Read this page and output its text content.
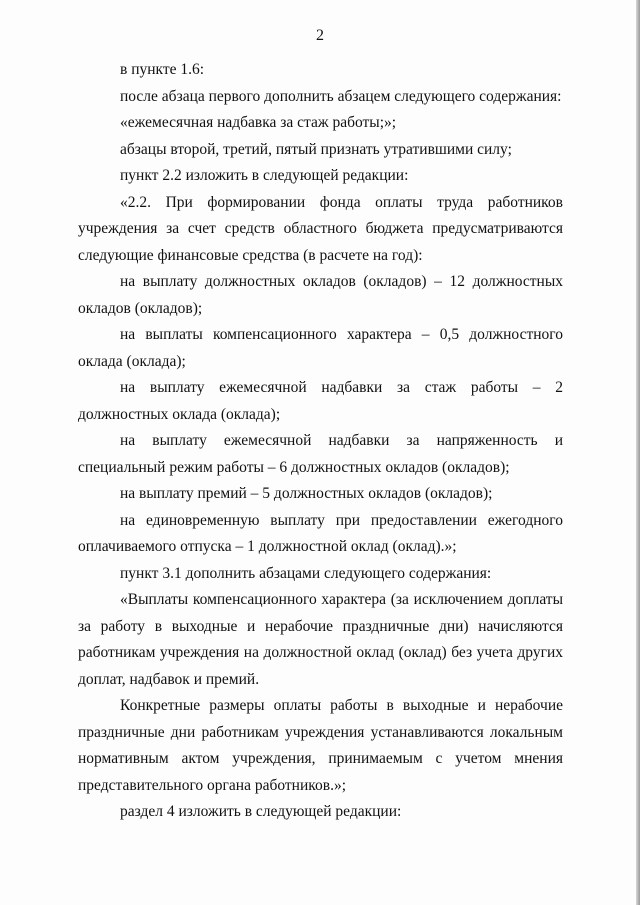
2

в пункте 1.6:

после абзаца первого дополнить абзацем следующего содержания:

«ежемесячная надбавка за стаж работы;»;

абзацы второй, третий, пятый признать утратившими силу;

пункт 2.2 изложить в следующей редакции:

«2.2. При формировании фонда оплаты труда работников учреждения за счет средств областного бюджета предусматриваются следующие финансовые средства (в расчете на год):

на выплату должностных окладов (окладов) – 12 должностных окладов (окладов);

на выплаты компенсационного характера – 0,5 должностного оклада (оклада);

на выплату ежемесячной надбавки за стаж работы – 2 должностных оклада (оклада);

на выплату ежемесячной надбавки за напряженность и специальный режим работы – 6 должностных окладов (окладов);

на выплату премий – 5 должностных окладов (окладов);

на единовременную выплату при предоставлении ежегодного оплачиваемого отпуска – 1 должностной оклад (оклад).»;

пункт 3.1 дополнить абзацами следующего содержания:

«Выплаты компенсационного характера (за исключением доплаты за работу в выходные и нерабочие праздничные дни) начисляются работникам учреждения на должностной оклад (оклад) без учета других доплат, надбавок и премий.

Конкретные размеры оплаты работы в выходные и нерабочие праздничные дни работникам учреждения устанавливаются локальным нормативным актом учреждения, принимаемым с учетом мнения представительного органа работников.»;

раздел 4 изложить в следующей редакции:
